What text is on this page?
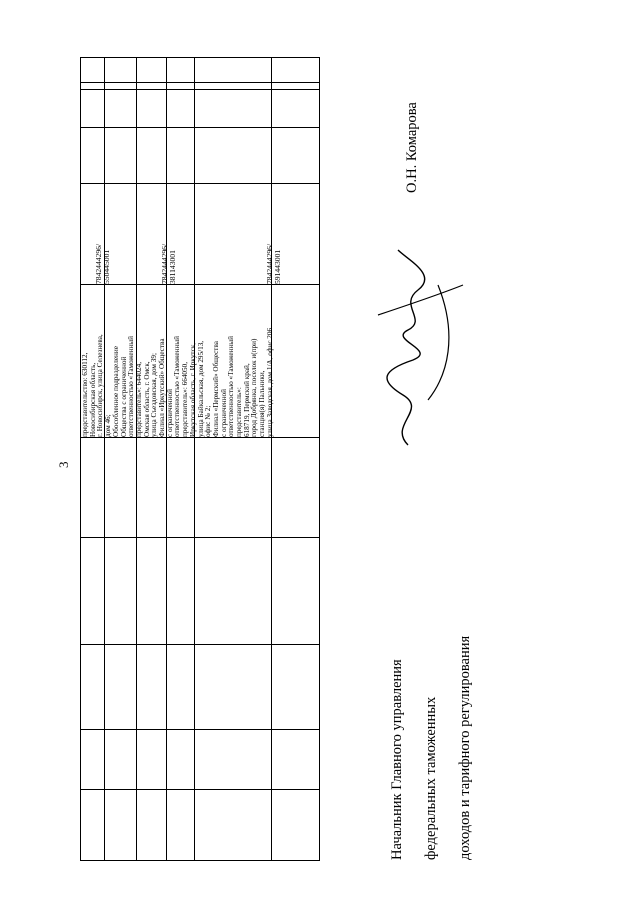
3
представительство: 630112, Новосибирская область, г. Новосибирск, улица Селезнева, дом 46; Обособленное подразделение Общества с ограниченной ответственностью «Таможенный представитель»: 644024, Омская область, г. Омск, улица Съездовская, дом 39; Филиал «Иркутский» Общества с ограниченной ответственностью «Таможенный представитель»: 664050, Иркутская область, г. Иркутск, улица Байкальская, дом 295/13, офис № 2; Филиал «Пермский» Общества с ограниченной ответственностью «Таможенный представитель»: 618719, Пермский край, город Добрянка, поселок и(при) станция(я) Пальники, улица Заводская, дом 1/А, офис 206
7842444296/
550445001	7842444296/
381143001	7842444296/
591443001

Начальник Главного управления федеральных таможенных доходов и тарифного регулирования

О.Н. Комарова
